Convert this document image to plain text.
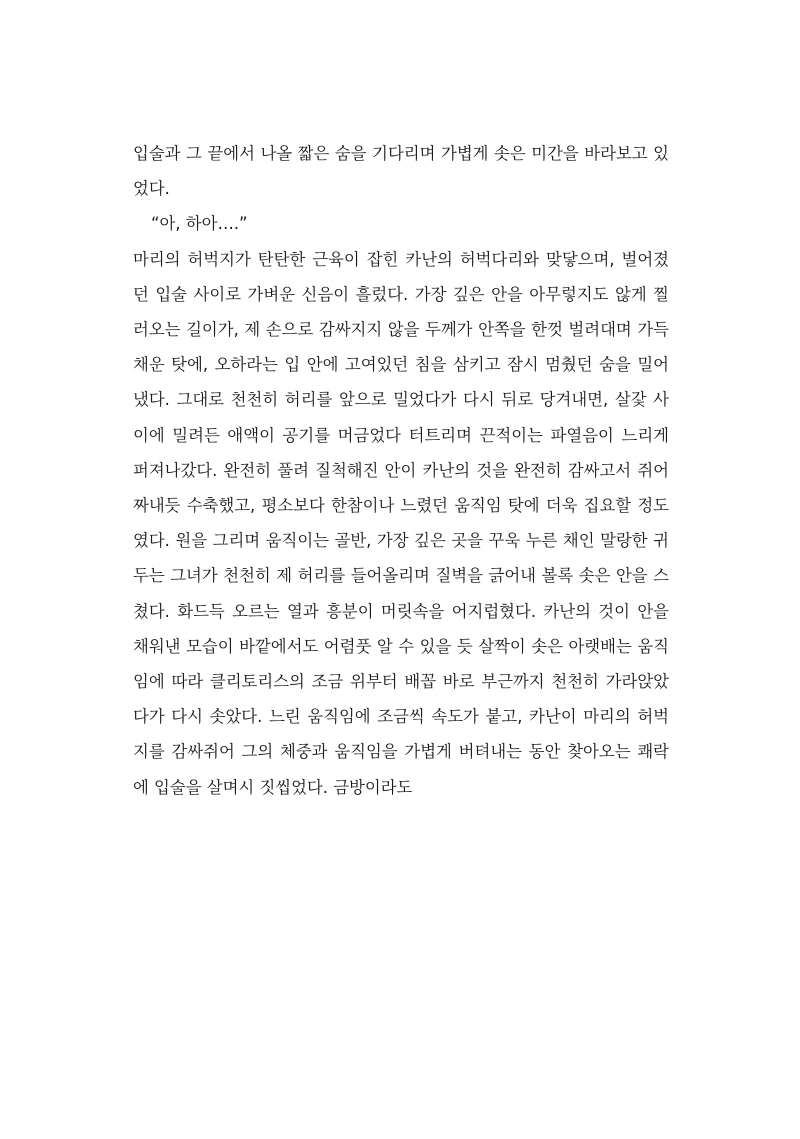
입술과 그 끝에서 나올 짧은 숨을 기다리며 가볍게 솟은 미간을 바라보고 있었다.

“아, 하아….”

마리의 허벅지가 탄탄한 근육이 잡힌 카난의 허벅다리와 맞닿으며, 벌어졌던 입술 사이로 가벼운 신음이 흘렀다. 가장 깊은 안을 아무렇지도 않게 찔러오는 길이가, 제 손으로 감싸지지 않을 두께가 안쪽을 한껏 벌려대며 가득 채운 탓에, 오하라는 입 안에 고여있던 침을 삼키고 잠시 멈췄던 숨을 밀어냈다. 그대로 천천히 허리를 앞으로 밀었다가 다시 뒤로 당겨내면, 살갗 사이에 밀려든 애액이 공기를 머금었다 터트리며 끈적이는 파열음이 느리게 퍼져나갔다. 완전히 풀려 질척해진 안이 카난의 것을 완전히 감싸고서 쥐어짜내듯 수축했고, 평소보다 한참이나 느렸던 움직임 탓에 더욱 집요할 정도였다. 원을 그리며 움직이는 골반, 가장 깊은 곳을 꾸욱 누른 채인 말랑한 귀두는 그녀가 천천히 제 허리를 들어올리며 질벽을 긁어내 볼록 솟은 안을 스쳤다. 화드득 오르는 열과 흥분이 머릿속을 어지럽혔다. 카난의 것이 안을 채워낸 모습이 바깥에서도 어렴풋 알 수 있을 듯 살짝이 솟은 아랫배는 움직임에 따라 클리토리스의 조금 위부터 배꼽 바로 부근까지 천천히 가라앉았다가 다시 솟았다. 느린 움직임에 조금씩 속도가 붙고, 카난이 마리의 허벅지를 감싸쥐어 그의 체중과 움직임을 가볍게 버텨내는 동안 찾아오는 쾌락에 입술을 살며시 짓씹었다. 금방이라도
